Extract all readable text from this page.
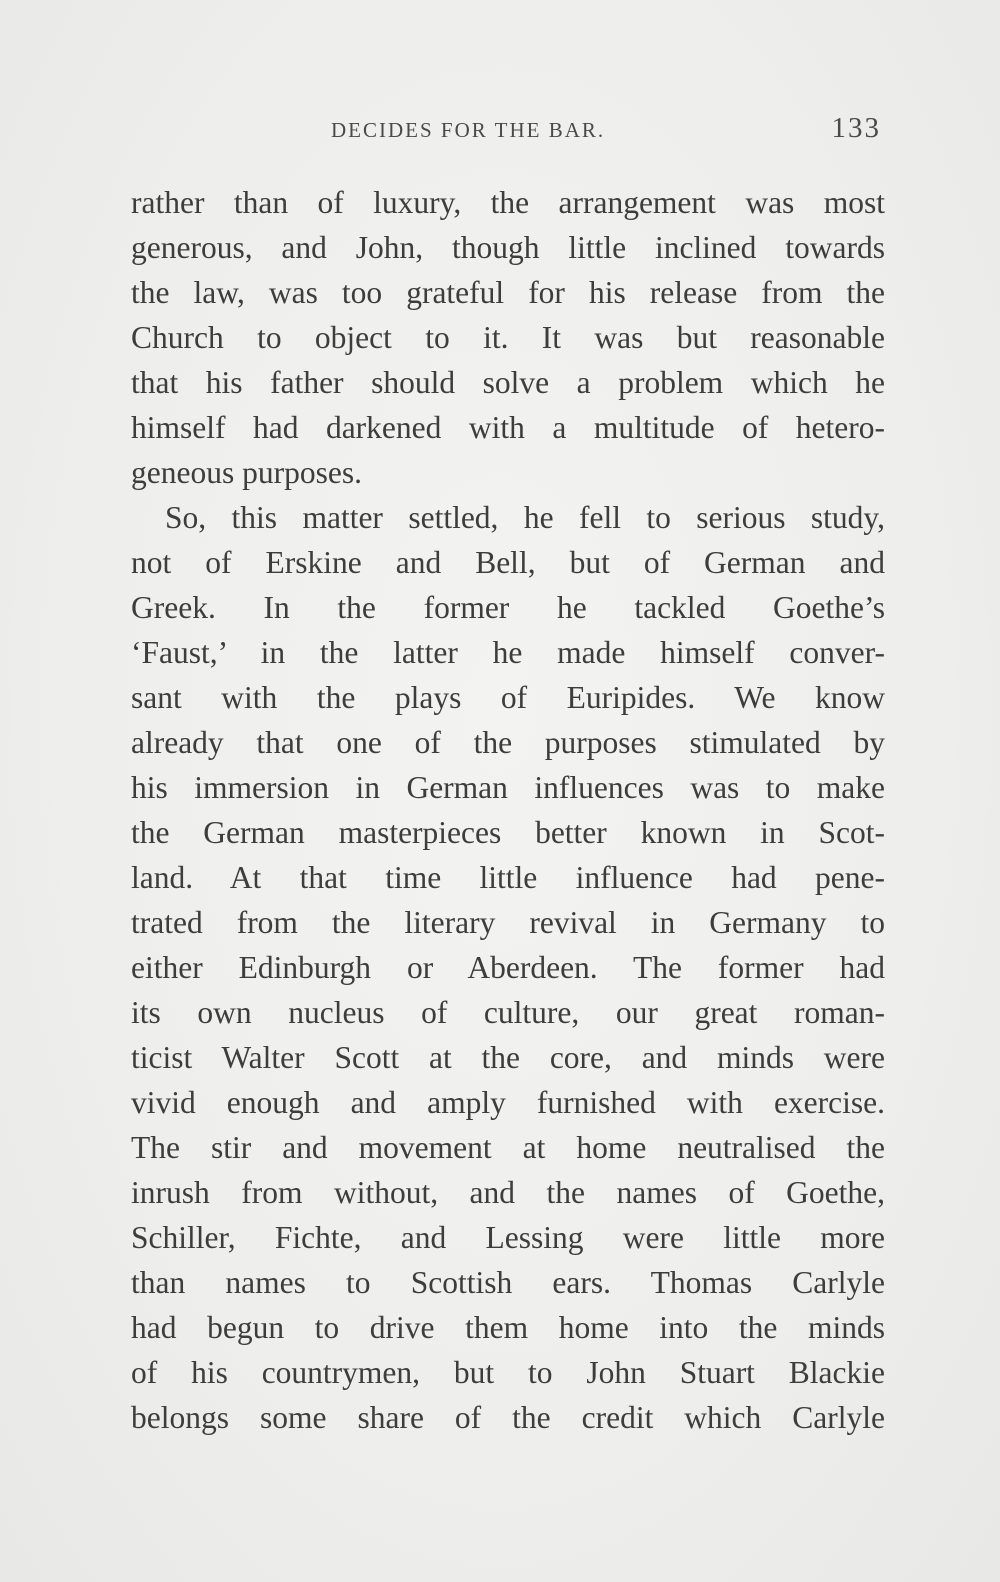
DECIDES FOR THE BAR.	133
rather than of luxury, the arrangement was most
generous, and John, though little inclined towards
the law, was too grateful for his release from the
Church to object to it. It was but reasonable
that his father should solve a problem which he
himself had darkened with a multitude of hetero-
geneous purposes.
So, this matter settled, he fell to serious study,
not of Erskine and Bell, but of German and
Greek. In the former he tackled Goethe’s
‘Faust,’ in the latter he made himself conver-
sant with the plays of Euripides. We know
already that one of the purposes stimulated by
his immersion in German influences was to make
the German masterpieces better known in Scot-
land. At that time little influence had pene-
trated from the literary revival in Germany to
either Edinburgh or Aberdeen. The former had
its own nucleus of culture, our great roman-
ticist Walter Scott at the core, and minds were
vivid enough and amply furnished with exercise.
The stir and movement at home neutralised the
inrush from without, and the names of Goethe,
Schiller, Fichte, and Lessing were little more
than names to Scottish ears. Thomas Carlyle
had begun to drive them home into the minds
of his countrymen, but to John Stuart Blackie
belongs some share of the credit which Carlyle
